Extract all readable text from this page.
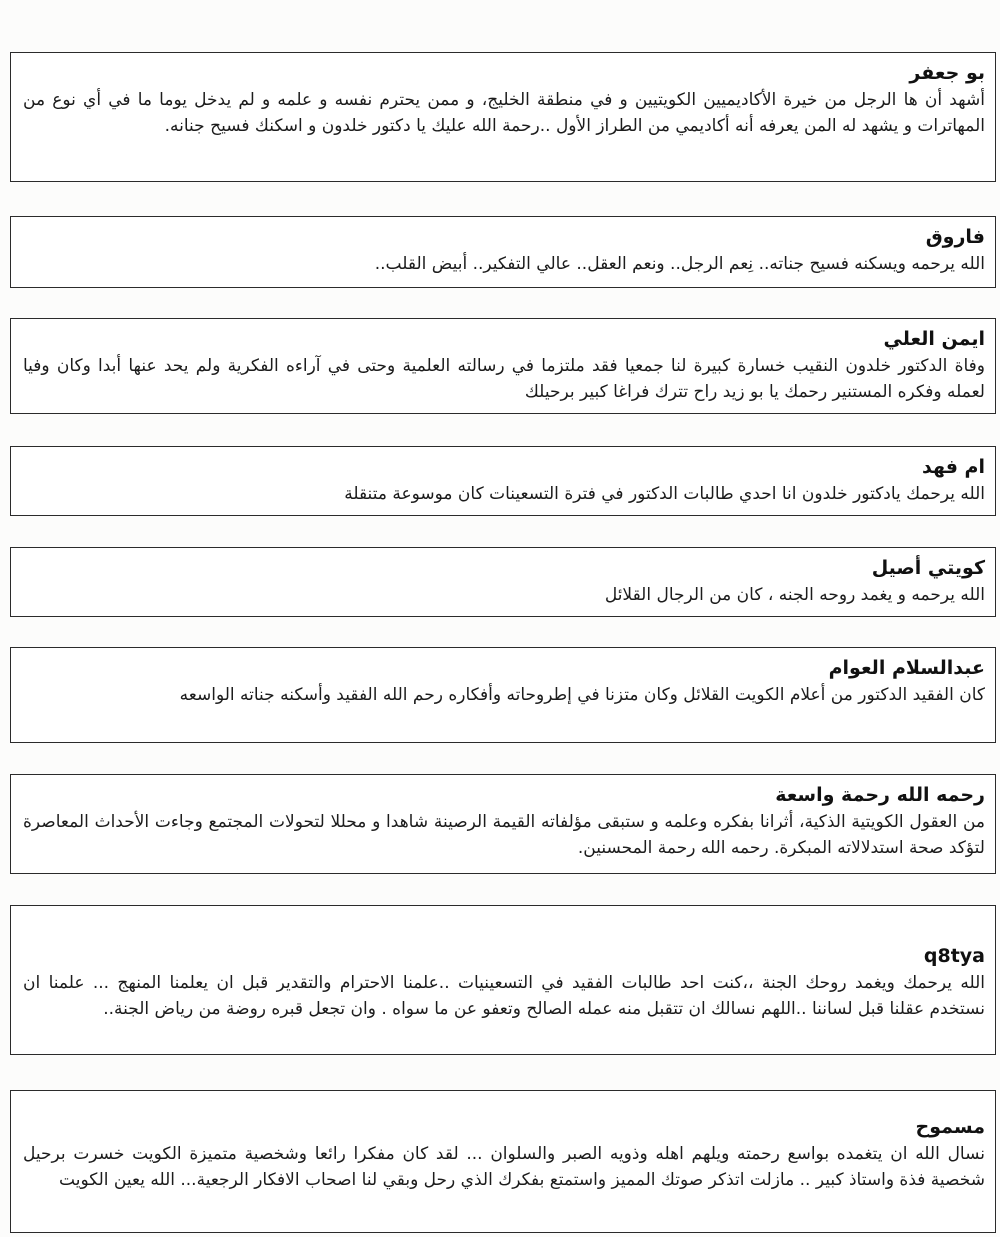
بو جعفر
أشهد أن ها الرجل من خيرة الأكاديميين الكويتيين و في منطقة الخليج، و ممن يحترم نفسه و علمه و لم يدخل يوما ما في أي نوع من المهاترات و يشهد له المن يعرفه أنه أكاديمي من الطراز الأول ..رحمة الله عليك يا دكتور خلدون و اسكنك فسيح جنانه.
فاروق
الله يرحمه ويسكنه فسيح جناته.. نِعم الرجل.. ونعم العقل.. عالي التفكير.. أبيض القلب..
ايمن العلي
وفاة الدكتور خلدون النقيب خسارة كبيرة لنا جمعيا فقد ملتزما في رسالته العلمية وحتى في آراءه الفكرية ولم يحد عنها أبدا وكان وفيا لعمله وفكره المستنير رحمك يا بو زيد راح تترك فراغا كبير برحيلك
ام فهد
الله يرحمك يادكتور خلدون انا احدي طالبات الدكتور في فترة التسعينات كان موسوعة متنقلة
كويتي أصيل
الله يرحمه و يغمد روحه الجنه ، كان من الرجال القلائل
عبدالسلام العوام
كان الفقيد الدكتور من أعلام الكويت القلائل وكان متزنا في إطروحاته وأفكاره رحم الله الفقيد وأسكنه جناته الواسعه
رحمه الله رحمة واسعة
من العقول الكويتية الذكية، أثرانا بفكره وعلمه و ستبقى مؤلفاته القيمة الرصينة شاهدا و محللا لتحولات المجتمع وجاءت الأحداث المعاصرة لتؤكد صحة استدلالاته المبكرة. رحمه الله رحمة المحسنين.
q8tya
الله يرحمك ويغمد روحك الجنة ،،كنت احد طالبات الفقيد في التسعينيات ..علمنا الاحترام والتقدير قبل ان يعلمنا المنهج ... علمنا ان نستخدم عقلنا قبل لساننا ..اللهم نسالك ان تتقبل منه عمله الصالح وتعفو عن ما سواه . وان تجعل قبره روضة من رياض الجنة..
مسموح
نسال الله ان يتغمده بواسع رحمته ويلهم اهله وذويه الصبر والسلوان ... لقد كان مفكرا رائعا وشخصية متميزة الكويت خسرت برحيل شخصية فذة واستاذ كبير .. مازلت اتذكر صوتك المميز واستمتع بفكرك الذي رحل وبقي لنا اصحاب الافكار الرجعية... الله يعين الكويت
